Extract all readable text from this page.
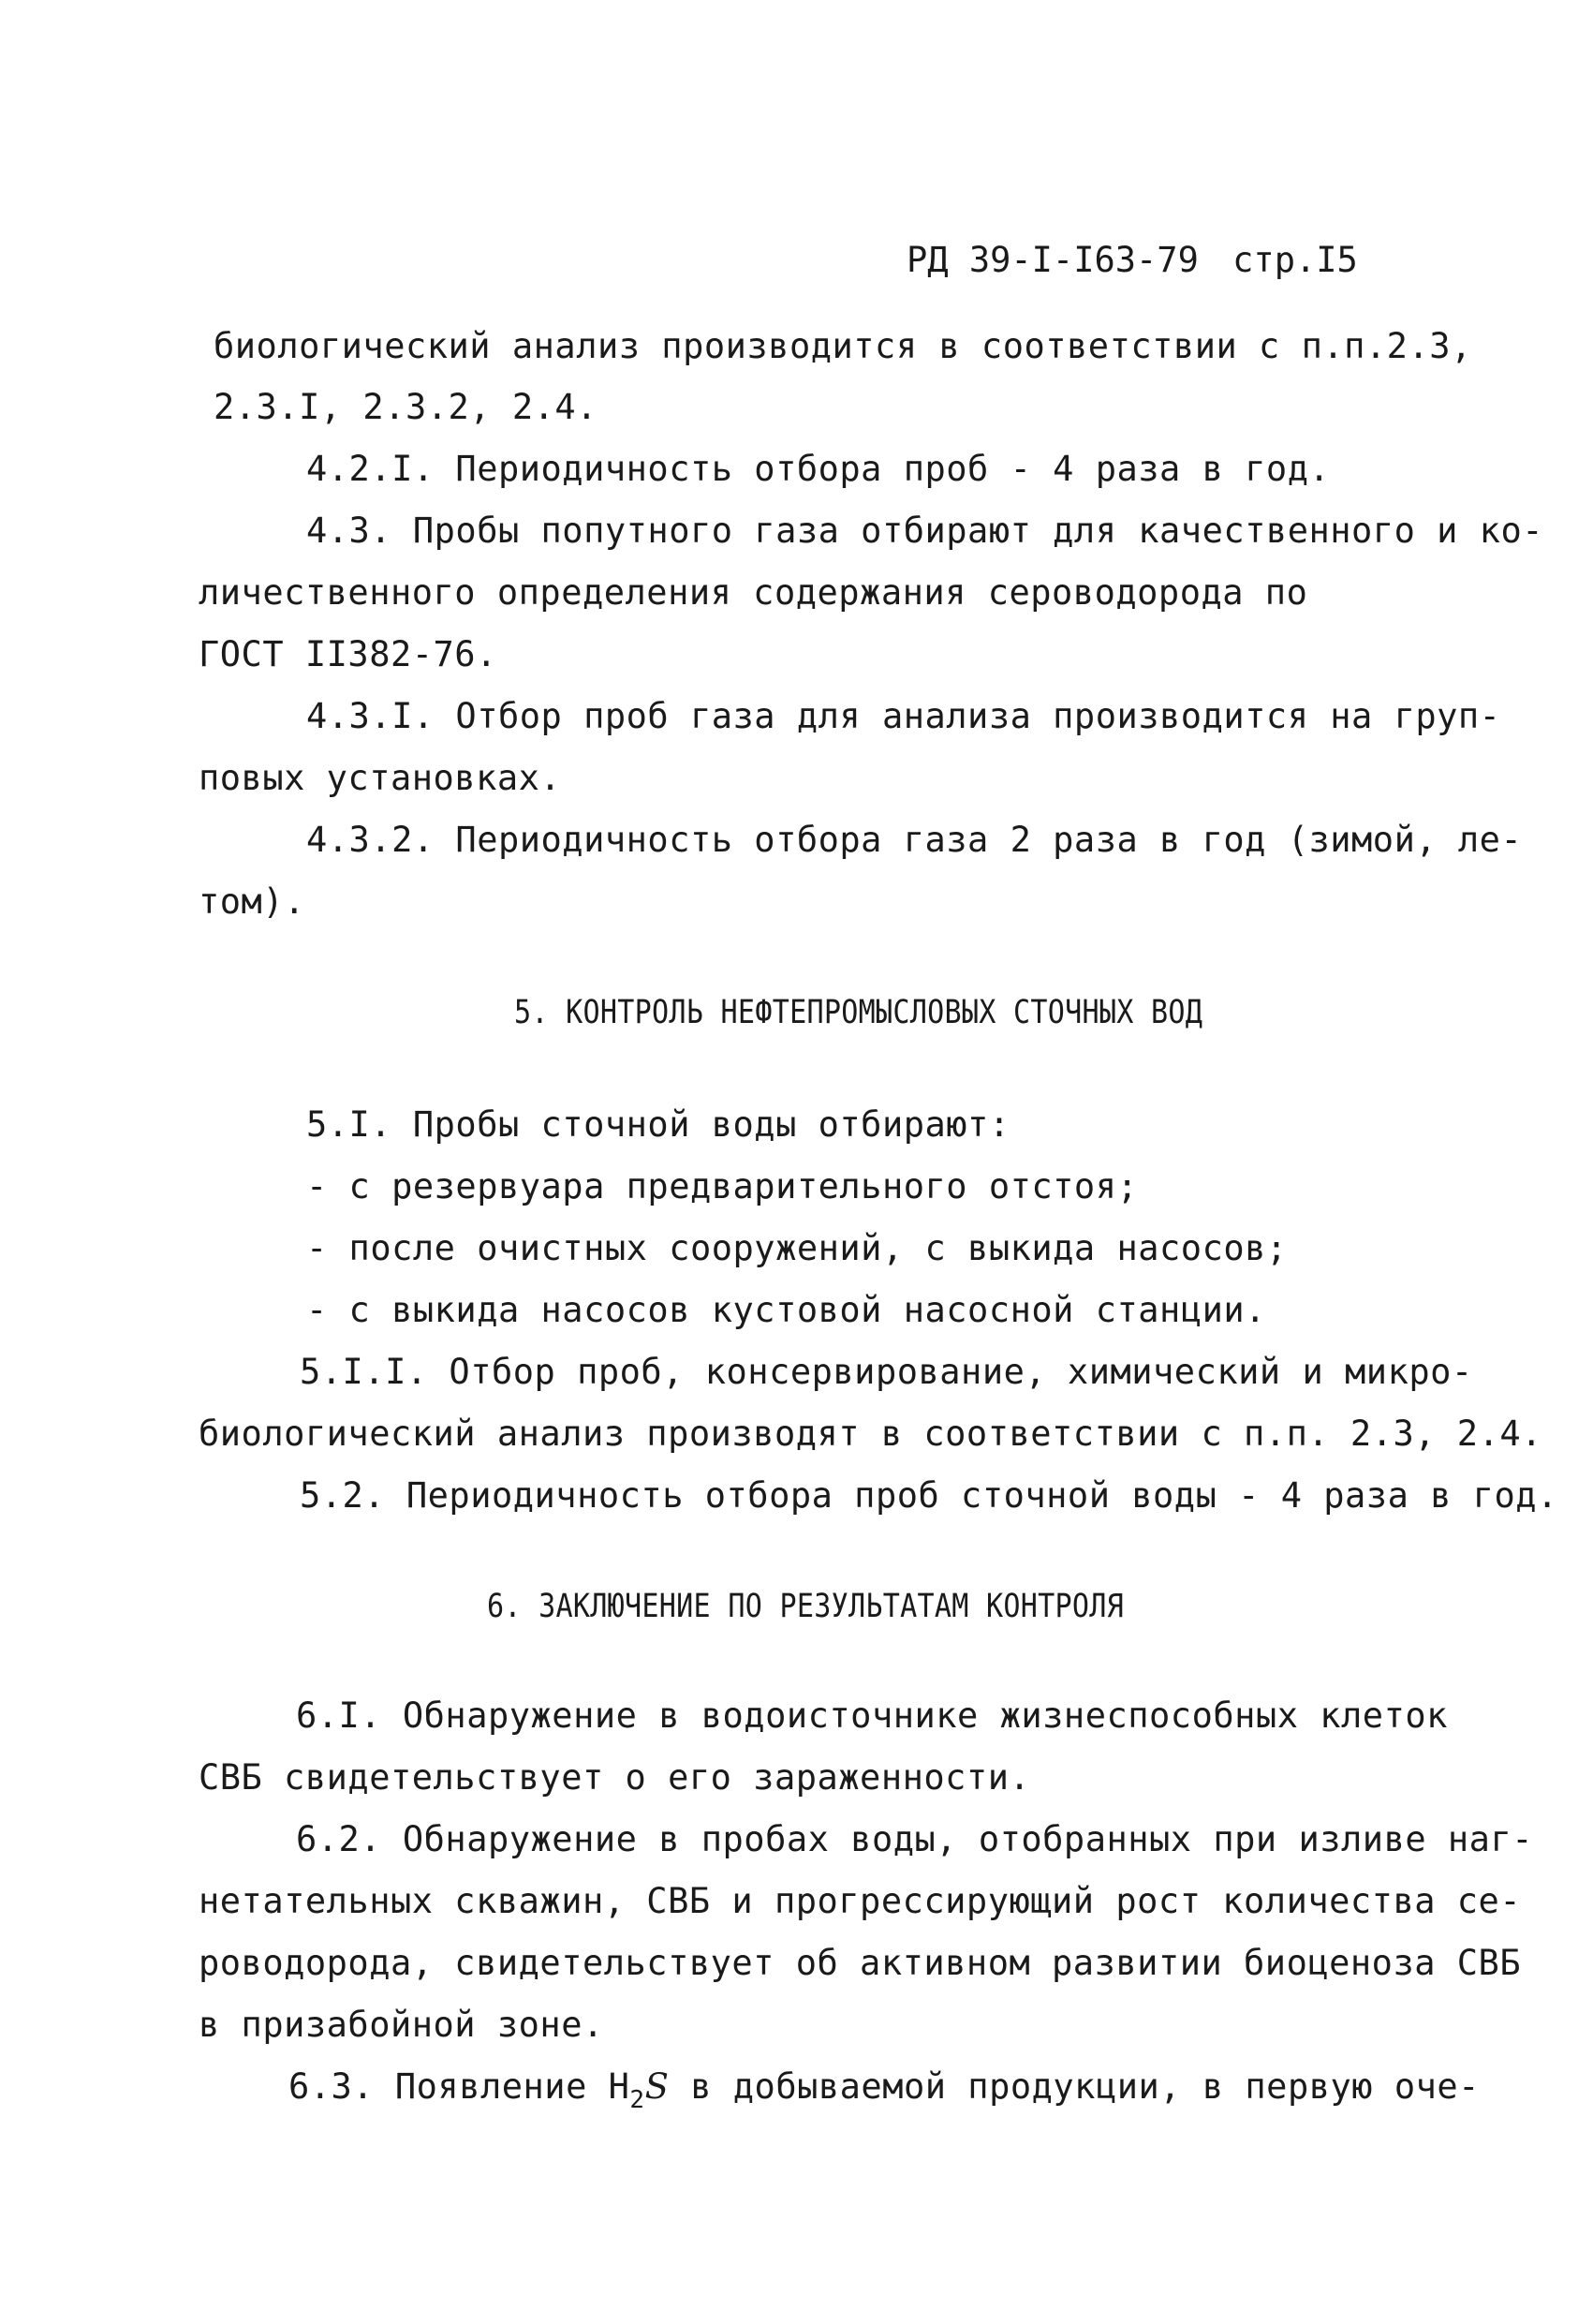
РД 39-I-I63-79 стр.I5
биологический анализ производится в соответствии с п.п.2.3,
2.3.I, 2.3.2, 2.4.
4.2.I. Периодичность отбора проб - 4 раза в год.
4.3. Пробы попутного газа отбирают для качественного и ко-
личественного определения содержания сероводорода по
ГОСТ II382-76.
4.3.I. Отбор проб газа для анализа производится на груп-
повых установках.
4.3.2. Периодичность отбора газа 2 раза в год (зимой, ле-
том).
5. КОНТРОЛЬ НЕФТЕПРОМЫСЛОВЫХ СТОЧНЫХ ВОД
5.I. Пробы сточной воды отбирают:
- с резервуара предварительного отстоя;
- после очистных сооружений, с выкида насосов;
- с выкида насосов кустовой насосной станции.
5.I.I. Отбор проб, консервирование, химический и микро-
биологический анализ производят в соответствии с п.п. 2.3, 2.4.
5.2. Периодичность отбора проб сточной воды - 4 раза в год.
6. ЗАКЛЮЧЕНИЕ ПО РЕЗУЛЬТАТАМ КОНТРОЛЯ
6.I. Обнаружение в водоисточнике жизнеспособных клеток
СВБ свидетельствует о его зараженности.
6.2. Обнаружение в пробах воды, отобранных при изливе наг-
нетательных скважин, СВБ и прогрессирующий рост количества се-
роводорода, свидетельствует об активном развитии биоценоза СВБ
в призабойной зоне.
6.3. Появление $H_2S$ в добываемой продукции, в первую оче-
